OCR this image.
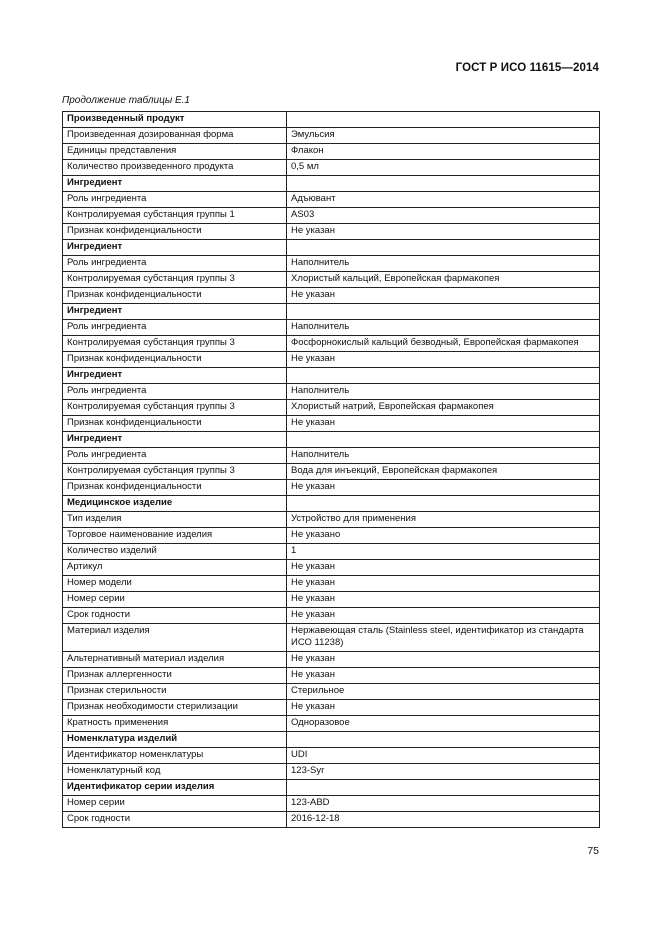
ГОСТ Р ИСО 11615—2014
Продолжение таблицы Е.1
Произведенный продукт	
Произведенная дозированная форма	Эмульсия
Единицы представления	Флакон
Количество произведенного продукта	0,5 мл
Ингредиент	
Роль ингредиента	Адъювант
Контролируемая субстанция группы 1	AS03
Признак конфиденциальности	Не указан
Ингредиент	
Роль ингредиента	Наполнитель
Контролируемая субстанция группы 3	Хлористый кальций, Европейская фармакопея
Признак конфиденциальности	Не указан
Ингредиент	
Роль ингредиента	Наполнитель
Контролируемая субстанция группы 3	Фосфорнокислый кальций безводный, Европейская фармакопея
Признак конфиденциальности	Не указан
Ингредиент	
Роль ингредиента	Наполнитель
Контролируемая субстанция группы 3	Хлористый натрий, Европейская фармакопея
Признак конфиденциальности	Не указан
Ингредиент	
Роль ингредиента	Наполнитель
Контролируемая субстанция группы 3	Вода для инъекций, Европейская фармакопея
Признак конфиденциальности	Не указан
Медицинское изделие	
Тип изделия	Устройство для применения
Торговое наименование изделия	Не указано
Количество изделий	1
Артикул	Не указан
Номер модели	Не указан
Номер серии	Не указан
Срок годности	Не указан
Материал изделия	Нержавеющая сталь (Stainless steel, идентификатор из стандарта ИСО 11238)
Альтернативный материал изделия	Не указан
Признак аллергенности	Не указан
Признак стерильности	Стерильное
Признак необходимости стерилизации	Не указан
Кратность применения	Одноразовое
Номенклатура изделий	
Идентификатор номенклатуры	UDI
Номенклатурный код	123-Syr
Идентификатор серии изделия	
Номер серии	123-ABD
Срок годности	2016-12-18
75
